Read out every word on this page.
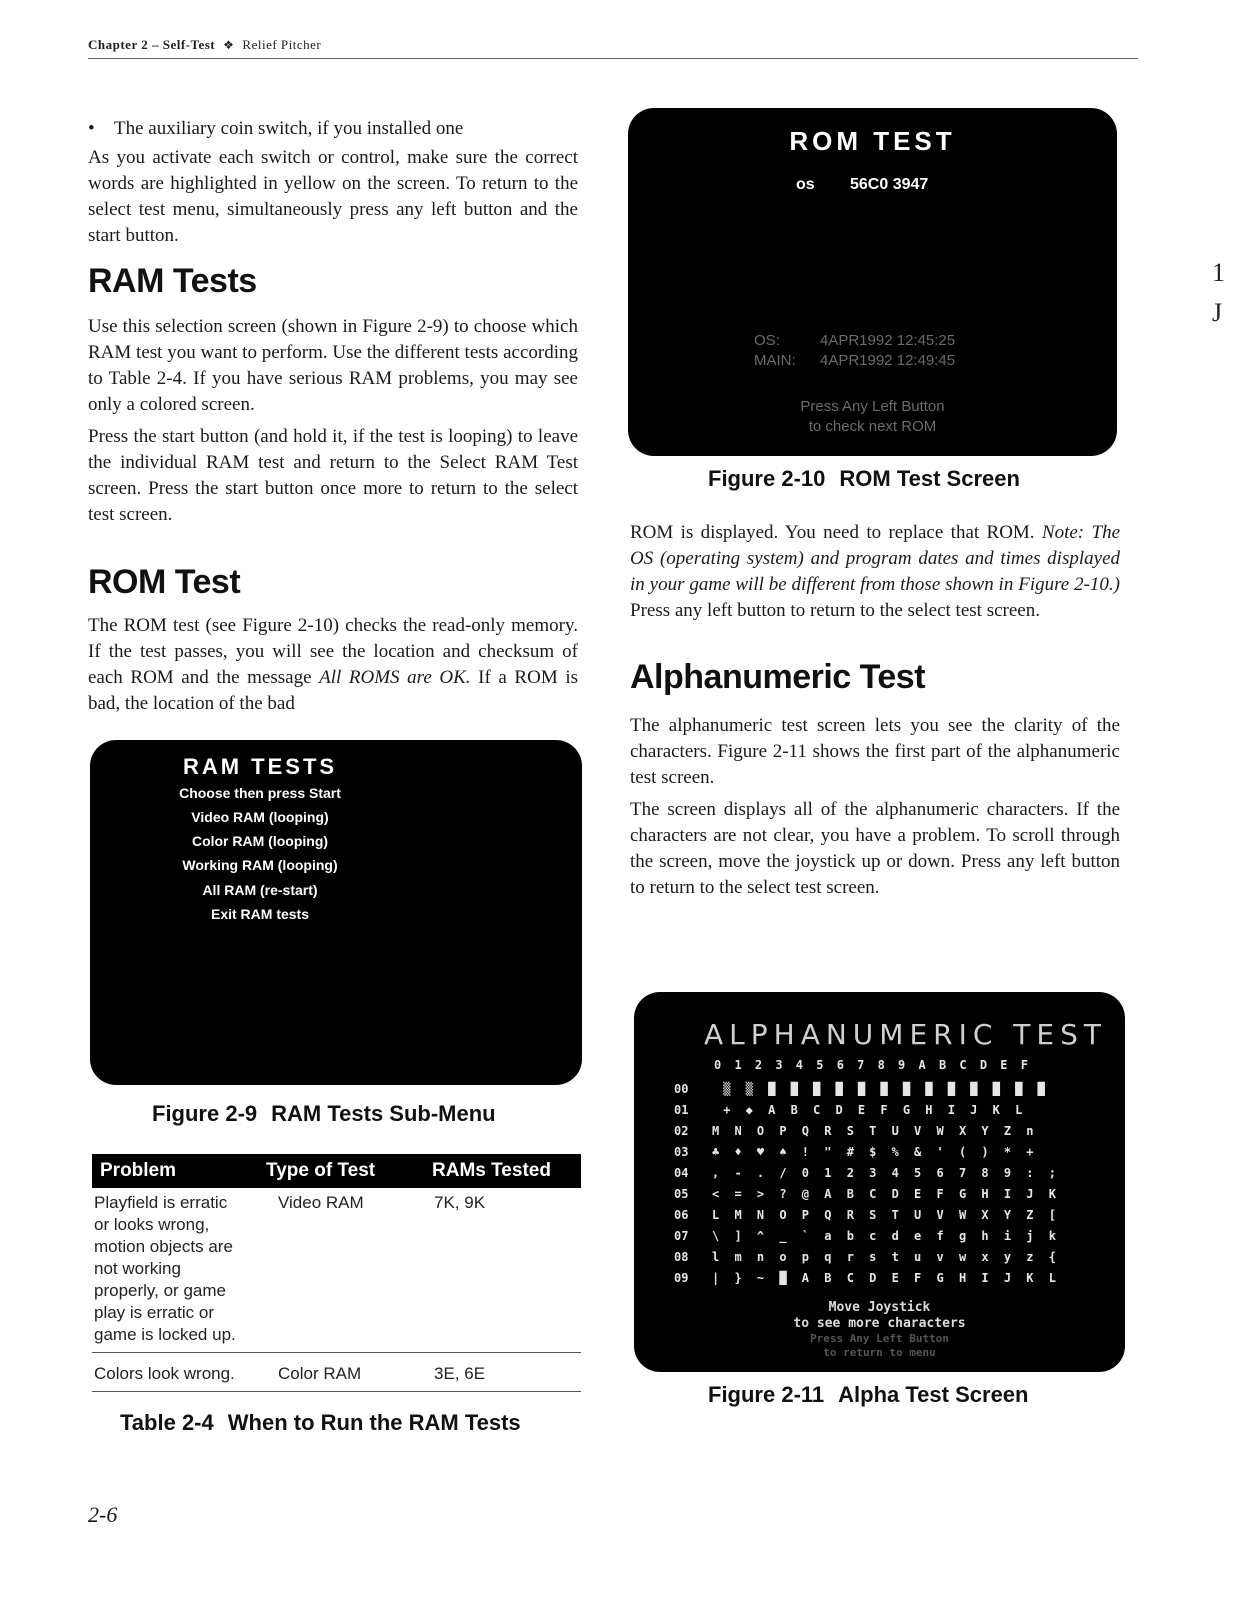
Chapter 2 – Self-Test ❖ Relief Pitcher
• The auxiliary coin switch, if you installed one

As you activate each switch or control, make sure the correct words are highlighted in yellow on the screen. To return to the select test menu, simultaneously press any left button and the start button.

RAM Tests

Use this selection screen (shown in Figure 2-9) to choose which RAM test you want to perform. Use the different tests according to Table 2-4. If you have serious RAM problems, you may see only a colored screen.

Press the start button (and hold it, if the test is looping) to leave the individual RAM test and return to the Select RAM Test screen. Press the start button once more to return to the select test screen.

ROM Test

The ROM test (see Figure 2-10) checks the read-only memory. If the test passes, you will see the location and checksum of each ROM and the message All ROMS are OK. If a ROM is bad, the location of the bad

RAM TESTS
Choose then press Start
Video RAM (looping)
Color RAM (looping)
Working RAM (looping)
All RAM (re-start)
Exit RAM tests
Figure 2-9 RAM Tests Sub-Menu
Problem	Type of Test	RAMs Tested
Playfield is erratic or looks wrong, motion objects are not working properly, or game play is erratic or game is locked up.	Video RAM	7K, 9K
Colors look wrong.	Color RAM	3E, 6E
Table 2-4 When to Run the RAM Tests
2-6
ROM TEST
os 56C0 3947
OS:	4APR1992 12:45:25
MAIN: 4APR1992 12:49:45
Press Any Left Button
to check next ROM
Figure 2-10 ROM Test Screen

ROM is displayed. You need to replace that ROM. Note: The OS (operating system) and program dates and times displayed in your game will be different from those shown in Figure 2-10.) Press any left button to return to the select test screen.

Alphanumeric Test

The alphanumeric test screen lets you see the clarity of the characters. Figure 2-11 shows the first part of the alphanumeric test screen.

The screen displays all of the alphanumeric characters. If the characters are not clear, you have a problem. To scroll through the screen, move the joystick up or down. Press any left button to return to the select test screen.

ALPHANUMERIC TEST
0 1 2 3 4 5 6 7 8 9 A B C D E F
00 ▒ ▒ █ █ █ █ █ █ █ █ █ █ █ █ █
01 + ◆ A B C D E F G H I J K L
02 M N O P Q R S T U V W X Y Z n
03 ♣ ♦ ♥ ♠ ! " # $ % & ' ( ) * +
04 , - . / 0 1 2 3 4 5 6 7 8 9 : ;
05 < = > ? @ A B C D E F G H I J K
06 L M N O P Q R S T U V W X Y Z [
07 \ ] ^ _ ` a b c d e f g h i j k
08 l m n o p q r s t u v w x y z {
09 | } ~ █ A B C D E F G H I J K L
Move Joystick
to see more characters
Press Any Left Button
to return to menu
Figure 2-11 Alpha Test Screen
1
J
